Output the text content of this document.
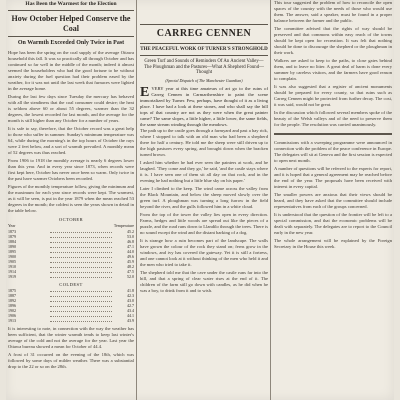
Has Been the Warmest for the Election
How October Helped Conserve the Coal
On Warmth Exceeded Only Twice in Past

Hope has been the spring on the coal supply of the average Ottawa household this fall. It was so practically all through October and has continued so far well in the middle of the month; indeed it almost seemed the householders who had the good fortune to be without anxiety during the fuel question had their problem eased by the weather, for it was not until the last week that furnaces were lighted in the average home.

During the last few days since Tuesday the mercury has behaved with all the steadiness that the coal consumer could desire; the heat is seldom above 60 or about 55 degrees, warmer than the 32 degrees, the lowest recorded for last month, and the average for the month is still higher than any October for a number of years.

It is safe to say, therefore, that the October record was a great help to those who suffer in summer. Sunday's minimum temperature was 64, while during the morning's in the top hours of October the rays were 2 feet below, and a sort of warmth prevailed. A monthly mean of 52 degrees was thus reached.

From 1906 to 1918 the monthly average is nearly 6 degrees lower than this year. And in every year since 1873, when records were first kept here, October has never once been so warm. Only twice in the past have warmer Octobers been recorded.

Figures of the monthly temperature follow, giving the minimum and the maximum for each year since records were kept. The warmest, as it will be seen, is put in the year 1879 when the mean reached 53 degrees in the month; the coldest is seen the years shown in detail in the table below.

OCTOBER
Year	Temperature
1873	45.2
1879	53.0
1884	46.8
1890	47.1
1895	44.0
1900	49.6
1905	45.9
1910	48.2
1914	47.5
1919	52.0
COLDEST
1875	41.8
1887	42.3
1892	43.0
1896	42.7
1902	43.4
1906	44.1
1913	43.9

It is interesting to note, in connection with the way the weather has been sufficient, that the winter warmth tends to keep last winter's average of the cold and not the average for the year. Last year the Ottawa bureau showed a mean for October of 44.4.

A frost of 31 occurred on the evening of the 18th, which was followed by some days of milder weather. There was a substantial drop to the 22 or so on the 28th.

CARREG CENNEN
THE PEACEFUL WORK OF TURNER'S STRONGHOLD
Green Turf and Sounds of Reminders Of An Ancient Valley—The Ploughman and the Pastures—What A Shepherd Found—Thought
(Special Dispatch of The Manchester Guardian)
EVERY year at this time amateurs of art go to the ruins of Carreg Cennen in Carmarthenshire to paint the scene immortalized by Turner. Few, perhaps, have thought of it as a living place. I have had a look at these stones, and who shall say the hill tops of that country are not as they were when the great painter came? The same slopes, a little higher, a little lower, the same fields, the same stream winding through the meadows.

The path up to the castle goes through a farmyard and past a hay rick, where I stopped to talk with an old man who had been a shepherd there for half a century. He told me the sheep were still driven up to the high pastures every spring, and brought down when the bracken turned brown.

I asked him whether he had ever seen the painters at work, and he laughed. 'They come and they go,' he said, 'and the castle stays where it is. I have seen one of them sit all day on that rock, and in the evening he had nothing but a little blue sky on his paper.'

Later I climbed to the keep. The wind came across the valley from the Black Mountain, and below the sheep moved slowly over the green turf. A ploughman was turning a long furrow in the field beyond the river, and the gulls followed him in a white cloud.

From the top of the tower the valley lies open in every direction. Farms, hedges and little woods are spread out like the pieces of a puzzle, and the road runs down to Llandilo through the trees. There is no sound except the wind and the distant barking of a dog.

It is strange how a ruin becomes part of the landscape. The walls have grown the colour of the rock they stand on; ferns grow in the windows, and ivy has covered the gateway. Yet it is still a fortress, and one cannot look at it without thinking of the men who held it and the men who tried to take it.

The shepherd told me that the cave under the castle runs far into the hill, and that a spring of clear water rises at the end of it. The children of the farm still go down with candles, as he did when he was a boy, to drink from it and to wish.

This tour suggested the problem of how to reconcile the open spaces of the country with the needs of those who would use them. The answer, said a speaker, must be found in a proper balance between the farmer and the public.

The committee advised that the rights of way should be preserved and that commons within easy reach of the towns should be kept open for recreation. It was felt that nothing should be done to discourage the shepherd or the ploughman in their work.

Walkers are asked to keep to the paths, to close gates behind them, and to leave no litter. A great deal of harm is done every summer by careless visitors, and the farmers have good reason to complain.

It was also suggested that a register of ancient monuments should be prepared for every county, so that ruins such as Carreg Cennen might be protected from further decay. The cost, it was said, would not be great.

In the discussion which followed several members spoke of the beauty of the Welsh valleys and of the need to preserve them for the people. The resolution was carried unanimously.

Commissions with a sweeping programme were announced in connection with the problem of the peace conference in Europe. The delegates will sit at Geneva and the first session is expected to open next month.

A number of questions will be referred to the experts for report, and it is hoped that a general agreement may be reached before the end of the year. The proposals have been received with interest in every capital.

The smaller powers are anxious that their views should be heard, and they have asked that the committee should include representatives from each of the groups concerned.

It is understood that the question of the frontier will be left to a special commission, and that the economic problems will be dealt with separately. The delegates are to report to the Council early in the new year.

The whole arrangement will be explained by the Foreign Secretary in the House this week.
